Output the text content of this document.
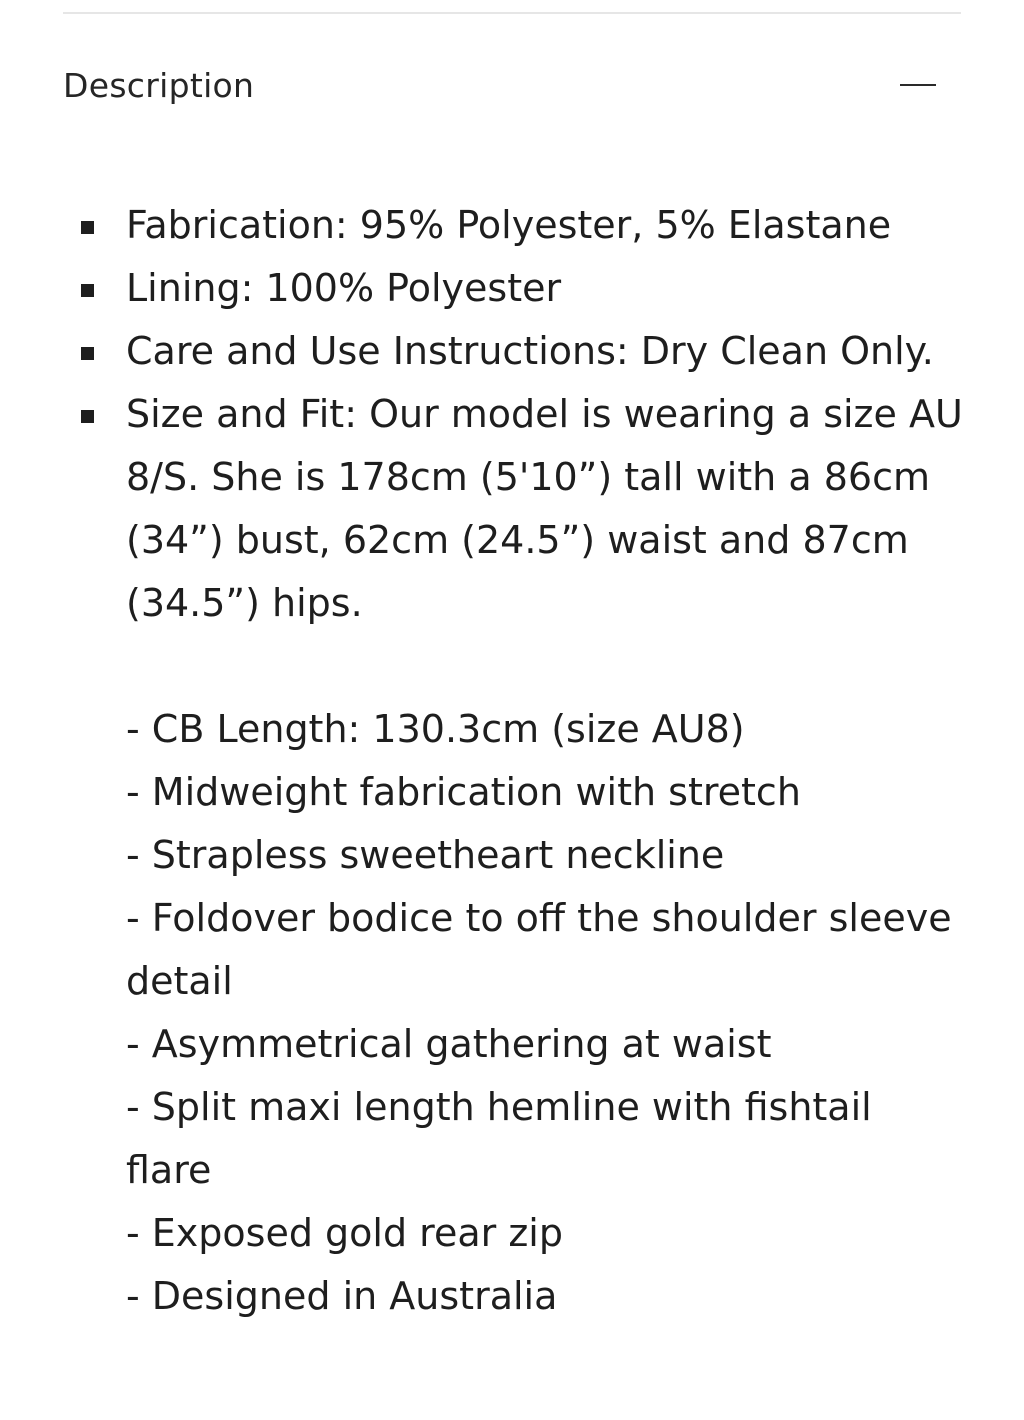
Description
Fabrication: 95% Polyester, 5% Elastane
Lining: 100% Polyester
Care and Use Instructions: Dry Clean Only.
Size and Fit: Our model is wearing a size AU 8/S. She is 178cm (5'10”) tall with a 86cm (34”) bust, 62cm (24.5”) waist and 87cm (34.5”) hips.
- CB Length: 130.3cm (size AU8)
- Midweight fabrication with stretch
- Strapless sweetheart neckline
- Foldover bodice to off the shoulder sleeve detail
- Asymmetrical gathering at waist
- Split maxi length hemline with fishtail flare
- Exposed gold rear zip
- Designed in Australia
